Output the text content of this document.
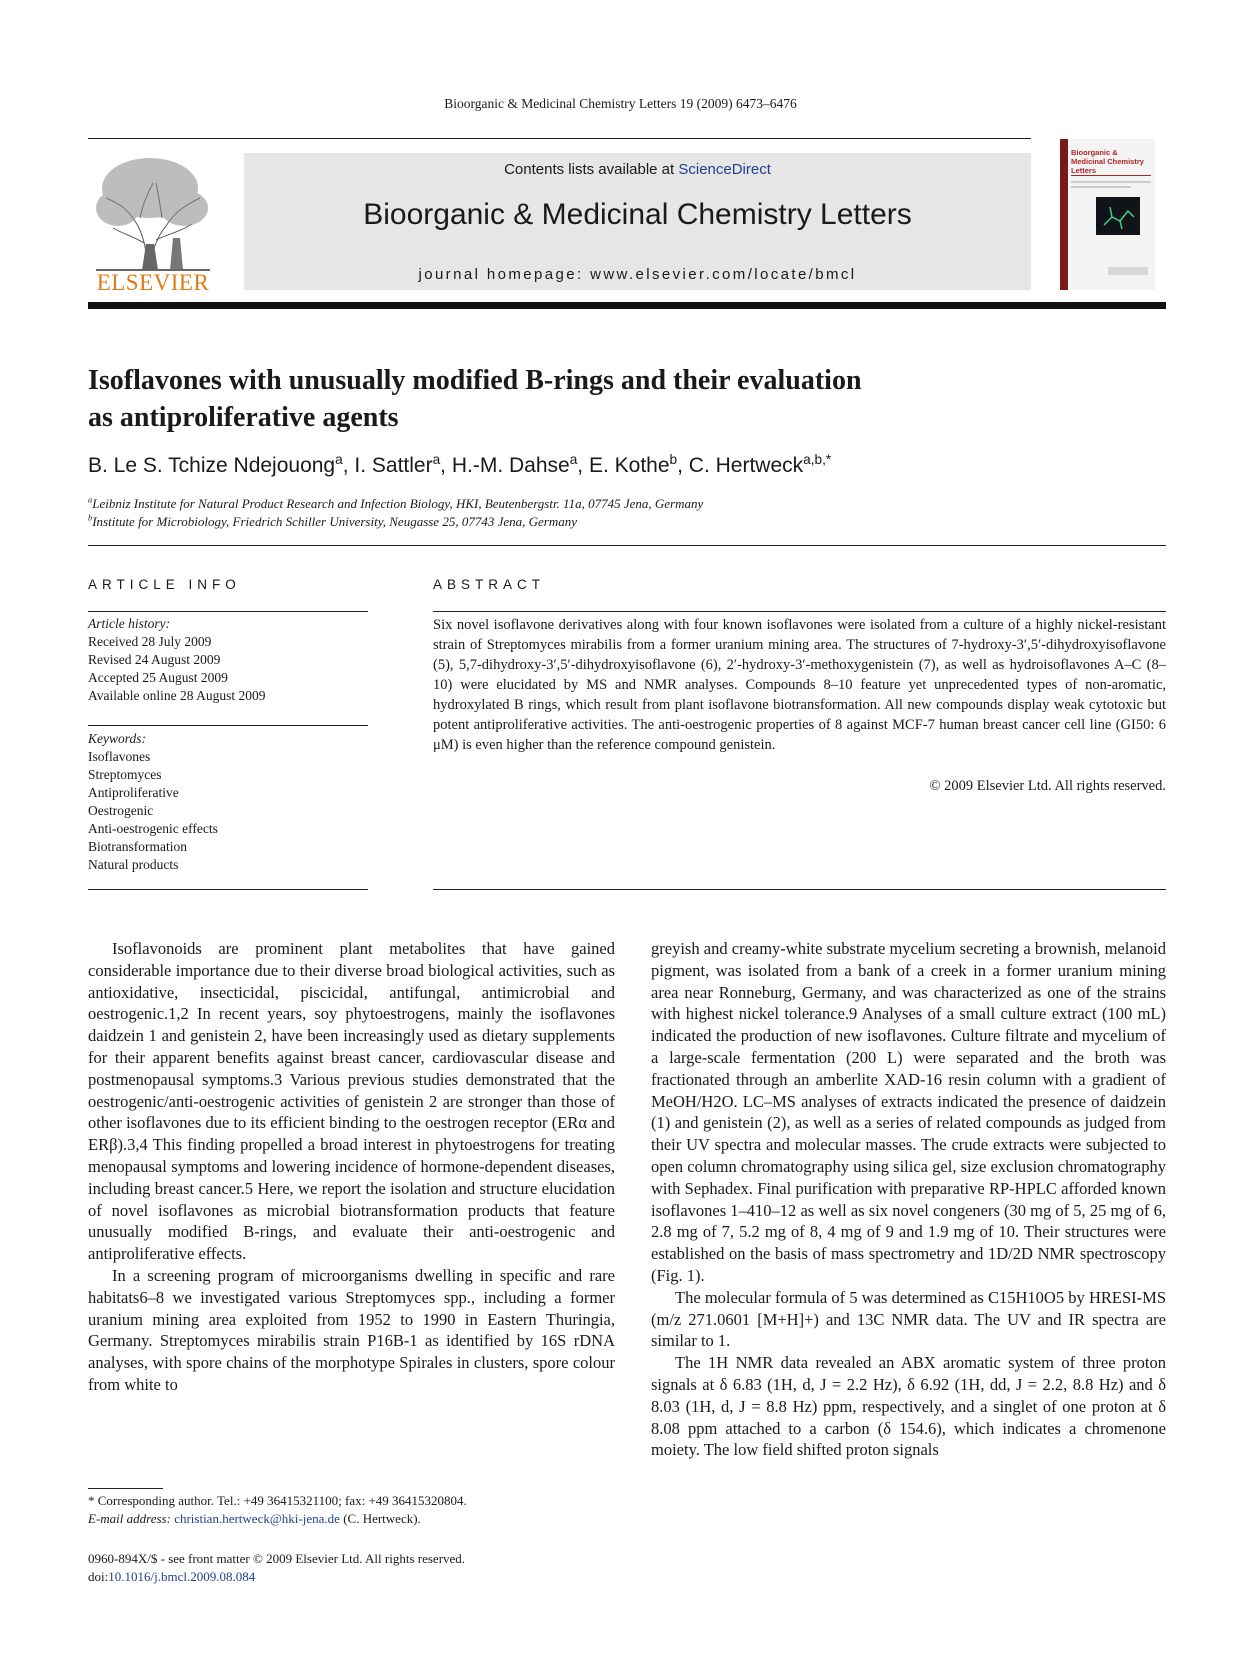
Bioorganic & Medicinal Chemistry Letters 19 (2009) 6473–6476
ELSEVIER
Contents lists available at ScienceDirect
Bioorganic & Medicinal Chemistry Letters
journal homepage: www.elsevier.com/locate/bmcl
Bioorganic & Medicinal Chemistry Letters
Isoflavones with unusually modified B-rings and their evaluation
as antiproliferative agents
B. Le S. Tchize Ndejouong$^a$, I. Sattler$^a$, H.-M. Dahse$^a$, E. Kothe$^b$, C. Hertweck$^{a,b,*}$
$^a$Leibniz Institute for Natural Product Research and Infection Biology, HKI, Beutenbergstr. 11a, 07745 Jena, Germany
$^b$Institute for Microbiology, Friedrich Schiller University, Neugasse 25, 07743 Jena, Germany
ARTICLE INFO
Article history:
Received 28 July 2009
Revised 24 August 2009
Accepted 25 August 2009
Available online 28 August 2009
Keywords:
Isoflavones
Streptomyces
Antiproliferative
Oestrogenic
Anti-oestrogenic effects
Biotransformation
Natural products
ABSTRACT
Six novel isoflavone derivatives along with four known isoflavones were isolated from a culture of a highly nickel-resistant strain of Streptomyces mirabilis from a former uranium mining area. The structures of 7-hydroxy-3′,5′-dihydroxyisoflavone (5), 5,7-dihydroxy-3′,5′-dihydroxyisoflavone (6), 2′-hydroxy-3′-methoxygenistein (7), as well as hydroisoflavones A–C (8–10) were elucidated by MS and NMR analyses. Compounds 8–10 feature yet unprecedented types of non-aromatic, hydroxylated B rings, which result from plant isoflavone biotransformation. All new compounds display weak cytotoxic but potent antiproliferative activities. The anti-oestrogenic properties of 8 against MCF-7 human breast cancer cell line (GI50: 6 μM) is even higher than the reference compound genistein.
© 2009 Elsevier Ltd. All rights reserved.

Isoflavonoids are prominent plant metabolites that have gained considerable importance due to their diverse broad biological activities, such as antioxidative, insecticidal, piscicidal, antifungal, antimicrobial and oestrogenic.1,2 In recent years, soy phytoestrogens, mainly the isoflavones daidzein 1 and genistein 2, have been increasingly used as dietary supplements for their apparent benefits against breast cancer, cardiovascular disease and postmenopausal symptoms.3 Various previous studies demonstrated that the oestrogenic/anti-oestrogenic activities of genistein 2 are stronger than those of other isoflavones due to its efficient binding to the oestrogen receptor (ERα and ERβ).3,4 This finding propelled a broad interest in phytoestrogens for treating menopausal symptoms and lowering incidence of hormone-dependent diseases, including breast cancer.5 Here, we report the isolation and structure elucidation of novel isoflavones as microbial biotransformation products that feature unusually modified B-rings, and evaluate their anti-oestrogenic and antiproliferative effects.

In a screening program of microorganisms dwelling in specific and rare habitats6–8 we investigated various Streptomyces spp., including a former uranium mining area exploited from 1952 to 1990 in Eastern Thuringia, Germany. Streptomyces mirabilis strain P16B-1 as identified by 16S rDNA analyses, with spore chains of the morphotype Spirales in clusters, spore colour from white to

greyish and creamy-white substrate mycelium secreting a brownish, melanoid pigment, was isolated from a bank of a creek in a former uranium mining area near Ronneburg, Germany, and was characterized as one of the strains with highest nickel tolerance.9 Analyses of a small culture extract (100 mL) indicated the production of new isoflavones. Culture filtrate and mycelium of a large-scale fermentation (200 L) were separated and the broth was fractionated through an amberlite XAD-16 resin column with a gradient of MeOH/H2O. LC–MS analyses of extracts indicated the presence of daidzein (1) and genistein (2), as well as a series of related compounds as judged from their UV spectra and molecular masses. The crude extracts were subjected to open column chromatography using silica gel, size exclusion chromatography with Sephadex. Final purification with preparative RP-HPLC afforded known isoflavones 1–410–12 as well as six novel congeners (30 mg of 5, 25 mg of 6, 2.8 mg of 7, 5.2 mg of 8, 4 mg of 9 and 1.9 mg of 10. Their structures were established on the basis of mass spectrometry and 1D/2D NMR spectroscopy (Fig. 1).

The molecular formula of 5 was determined as C15H10O5 by HRESI-MS (m/z 271.0601 [M+H]+) and 13C NMR data. The UV and IR spectra are similar to 1.

The 1H NMR data revealed an ABX aromatic system of three proton signals at δ 6.83 (1H, d, J = 2.2 Hz), δ 6.92 (1H, dd, J = 2.2, 8.8 Hz) and δ 8.03 (1H, d, J = 8.8 Hz) ppm, respectively, and a singlet of one proton at δ 8.08 ppm attached to a carbon (δ 154.6), which indicates a chromenone moiety. The low field shifted proton signals

* Corresponding author. Tel.: +49 36415321100; fax: +49 36415320804.
E-mail address: christian.hertweck@hki-jena.de (C. Hertweck).
0960-894X/$ - see front matter © 2009 Elsevier Ltd. All rights reserved.
doi:10.1016/j.bmcl.2009.08.084
